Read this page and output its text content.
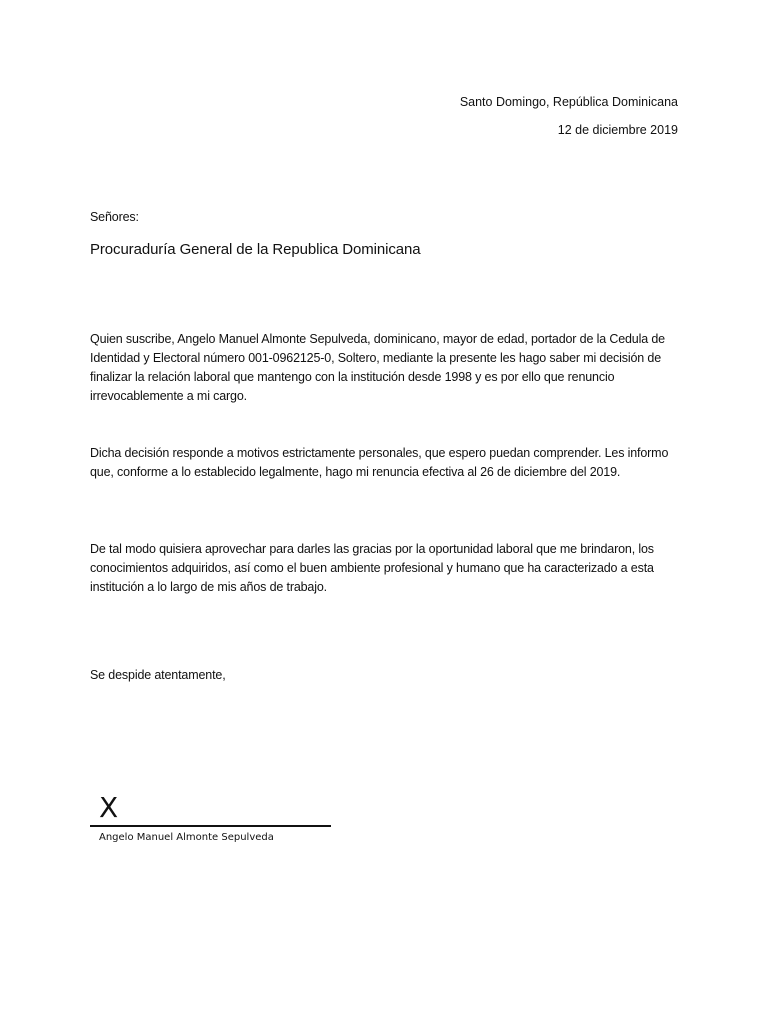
Santo Domingo, República Dominicana
12 de diciembre 2019
Señores:
Procuraduría General de la Republica Dominicana
Quien suscribe, Angelo Manuel Almonte Sepulveda, dominicano, mayor de edad, portador de la Cedula de Identidad y Electoral número 001-0962125-0, Soltero, mediante la presente les hago saber mi decisión de finalizar la relación laboral que mantengo con la institución desde 1998 y es por ello que renuncio irrevocablemente a mi cargo.
Dicha decisión responde a motivos estrictamente personales, que espero puedan comprender. Les informo que, conforme a lo establecido legalmente, hago mi renuncia efectiva al 26 de diciembre del 2019.
De tal modo quisiera aprovechar para darles las gracias por la oportunidad laboral que me brindaron, los conocimientos adquiridos, así como el buen ambiente profesional y humano que ha caracterizado a esta institución a lo largo de mis años de trabajo.
Se despide atentamente,
X
Angelo Manuel Almonte Sepulveda
